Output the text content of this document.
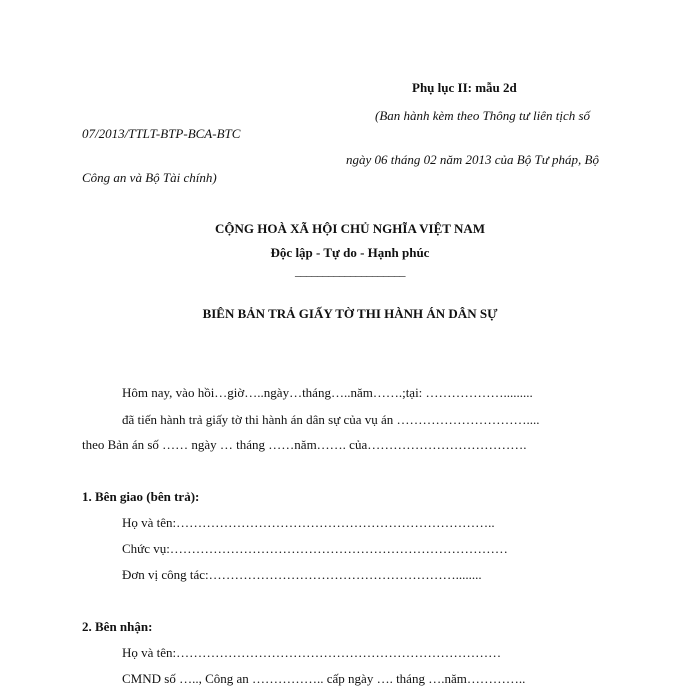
Phụ lục II: mẫu 2d
(Ban hành kèm theo Thông tư liên tịch số
07/2013/TTLT-BTP-BCA-BTC
ngày 06 tháng 02 năm 2013 của Bộ Tư pháp, Bộ
Công an và Bộ Tài chính)
CỘNG HOÀ XÃ HỘI CHỦ NGHĨA VIỆT NAM
Độc lập - Tự do - Hạnh phúc
____________________
BIÊN BẢN TRẢ GIẤY TỜ THI HÀNH ÁN DÂN SỰ
Hôm nay, vào hồi…giờ…..ngày…tháng…..năm…….;tại: ……………….........
đã tiến hành trả giấy tờ thi hành án dân sự của vụ án …………………………....
theo Bản án số …… ngày … tháng ……năm……. của……………………………….
1. Bên giao (bên trả):
Họ và tên:………………………………………………………………..
Chức vụ:……………………………………………………………………
Đơn vị công tác:…………………………………………………........
2. Bên nhận:
Họ và tên:…………………………………………………………………
CMND số ….., Công an …………….. cấp ngày …. tháng ….năm…………..
